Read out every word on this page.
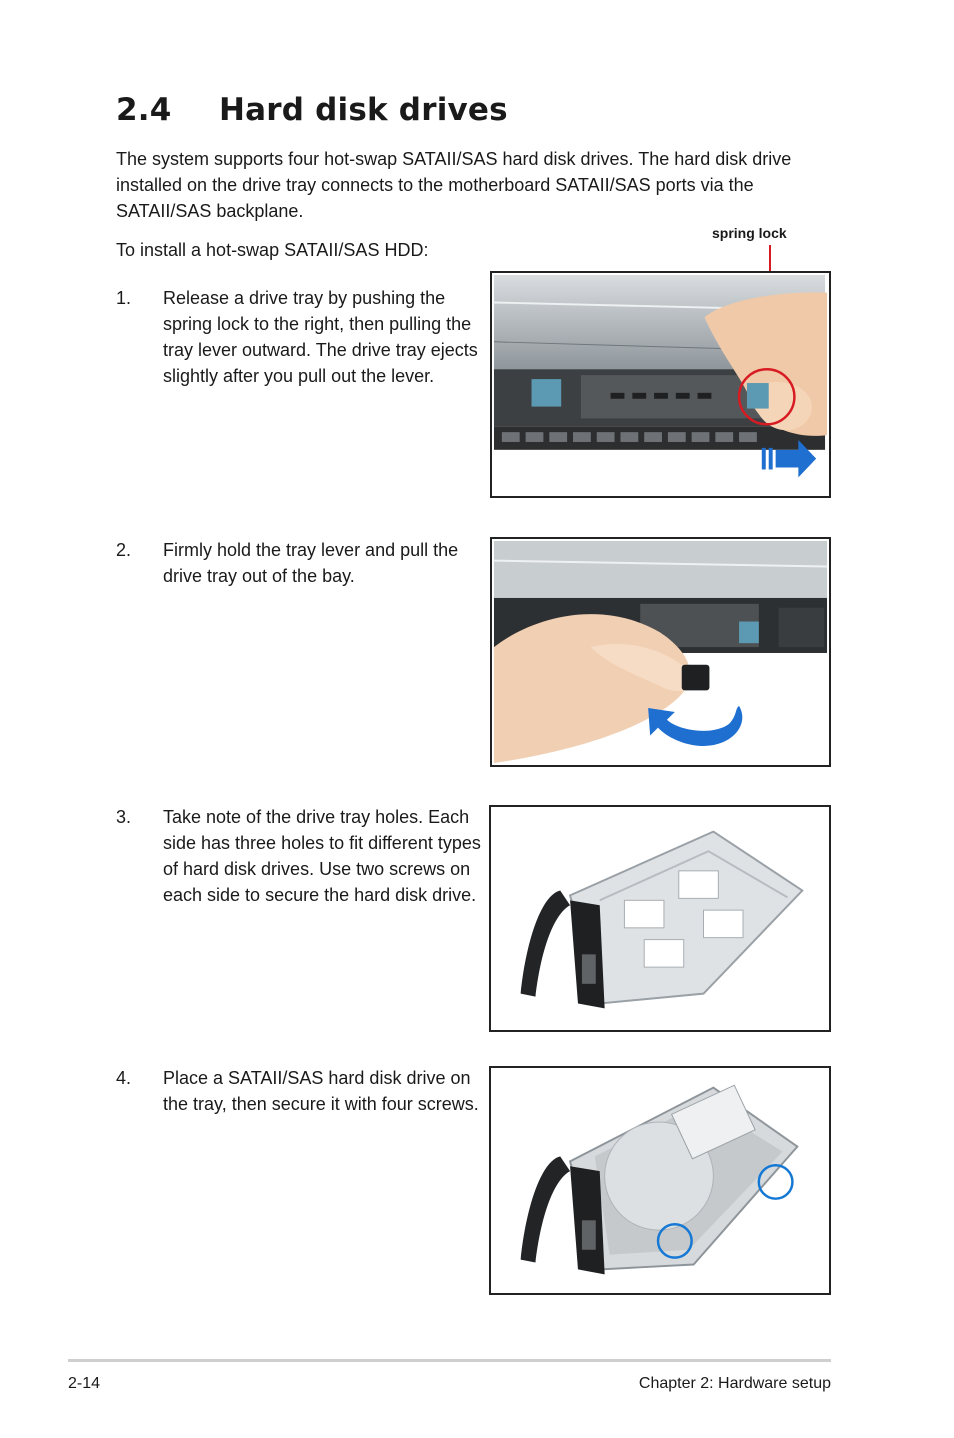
2.4 Hard disk drives

The system supports four hot-swap SATAII/SAS hard disk drives. The hard disk drive installed on the drive tray connects to the motherboard SATAII/SAS ports via the SATAII/SAS backplane.

To install a hot-swap SATAII/SAS HDD:

1. Release a drive tray by pushing the spring lock to the right, then pulling the tray lever outward. The drive tray ejects slightly after you pull out the lever.
2. Firmly hold the tray lever and pull the drive tray out of the bay.
3. Take note of the drive tray holes. Each side has three holes to fit different types of hard disk drives. Use two screws on each side to secure the hard disk drive.
4. Place a SATAII/SAS hard disk drive on the tray, then secure it with four screws.
spring lock
2-14	Chapter 2: Hardware setup
